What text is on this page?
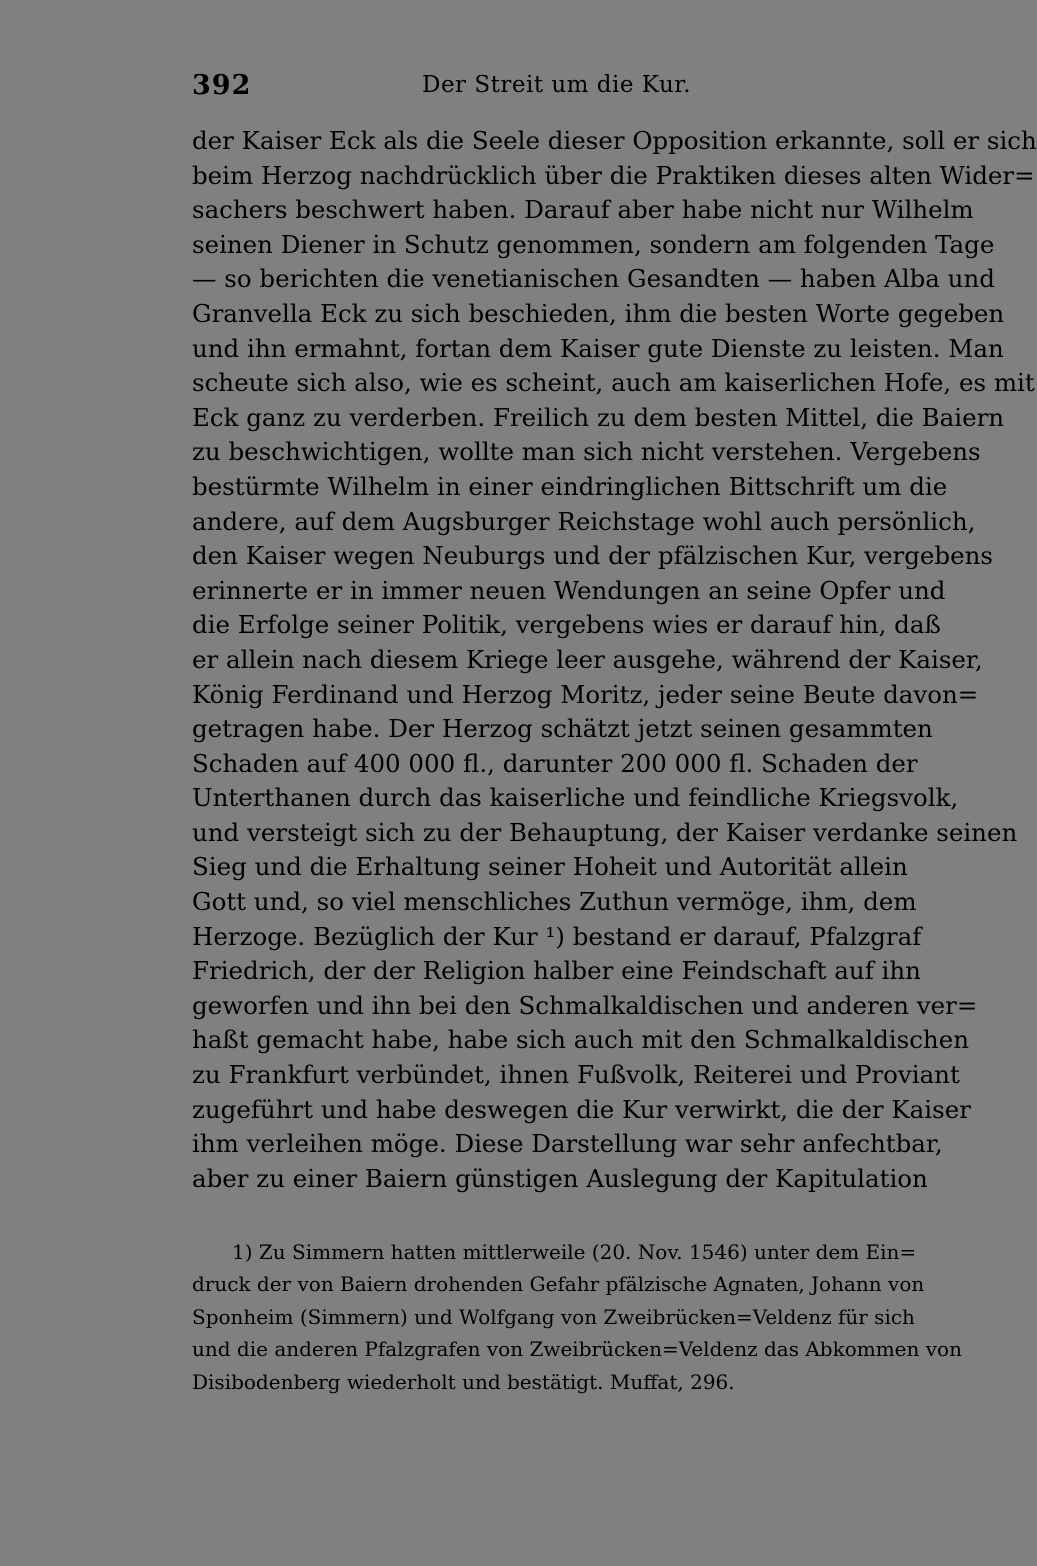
392	Der Streit um die Kur.
der Kaiser Eck als die Seele dieser Opposition erkannte, soll er sich
beim Herzog nachdrücklich über die Praktiken dieses alten Wider=
sachers beschwert haben. Darauf aber habe nicht nur Wilhelm
seinen Diener in Schutz genommen, sondern am folgenden Tage
— so berichten die venetianischen Gesandten — haben Alba und
Granvella Eck zu sich beschieden, ihm die besten Worte gegeben
und ihn ermahnt, fortan dem Kaiser gute Dienste zu leisten. Man
scheute sich also, wie es scheint, auch am kaiserlichen Hofe, es mit
Eck ganz zu verderben. Freilich zu dem besten Mittel, die Baiern
zu beschwichtigen, wollte man sich nicht verstehen. Vergebens
bestürmte Wilhelm in einer eindringlichen Bittschrift um die
andere, auf dem Augsburger Reichstage wohl auch persönlich,
den Kaiser wegen Neuburgs und der pfälzischen Kur, vergebens
erinnerte er in immer neuen Wendungen an seine Opfer und
die Erfolge seiner Politik, vergebens wies er darauf hin, daß
er allein nach diesem Kriege leer ausgehe, während der Kaiser,
König Ferdinand und Herzog Moritz, jeder seine Beute davon=
getragen habe. Der Herzog schätzt jetzt seinen gesammten
Schaden auf 400 000 fl., darunter 200 000 fl. Schaden der
Unterthanen durch das kaiserliche und feindliche Kriegsvolk,
und versteigt sich zu der Behauptung, der Kaiser verdanke seinen
Sieg und die Erhaltung seiner Hoheit und Autorität allein
Gott und, so viel menschliches Zuthun vermöge, ihm, dem
Herzoge. Bezüglich der Kur ¹) bestand er darauf, Pfalzgraf
Friedrich, der der Religion halber eine Feindschaft auf ihn
geworfen und ihn bei den Schmalkaldischen und anderen ver=
haßt gemacht habe, habe sich auch mit den Schmalkaldischen
zu Frankfurt verbündet, ihnen Fußvolk, Reiterei und Proviant
zugeführt und habe deswegen die Kur verwirkt, die der Kaiser
ihm verleihen möge. Diese Darstellung war sehr anfechtbar,
aber zu einer Baiern günstigen Auslegung der Kapitulation
1) Zu Simmern hatten mittlerweile (20. Nov. 1546) unter dem Ein=
druck der von Baiern drohenden Gefahr pfälzische Agnaten, Johann von
Sponheim (Simmern) und Wolfgang von Zweibrücken=Veldenz für sich
und die anderen Pfalzgrafen von Zweibrücken=Veldenz das Abkommen von
Disibodenberg wiederholt und bestätigt. Muffat, 296.
